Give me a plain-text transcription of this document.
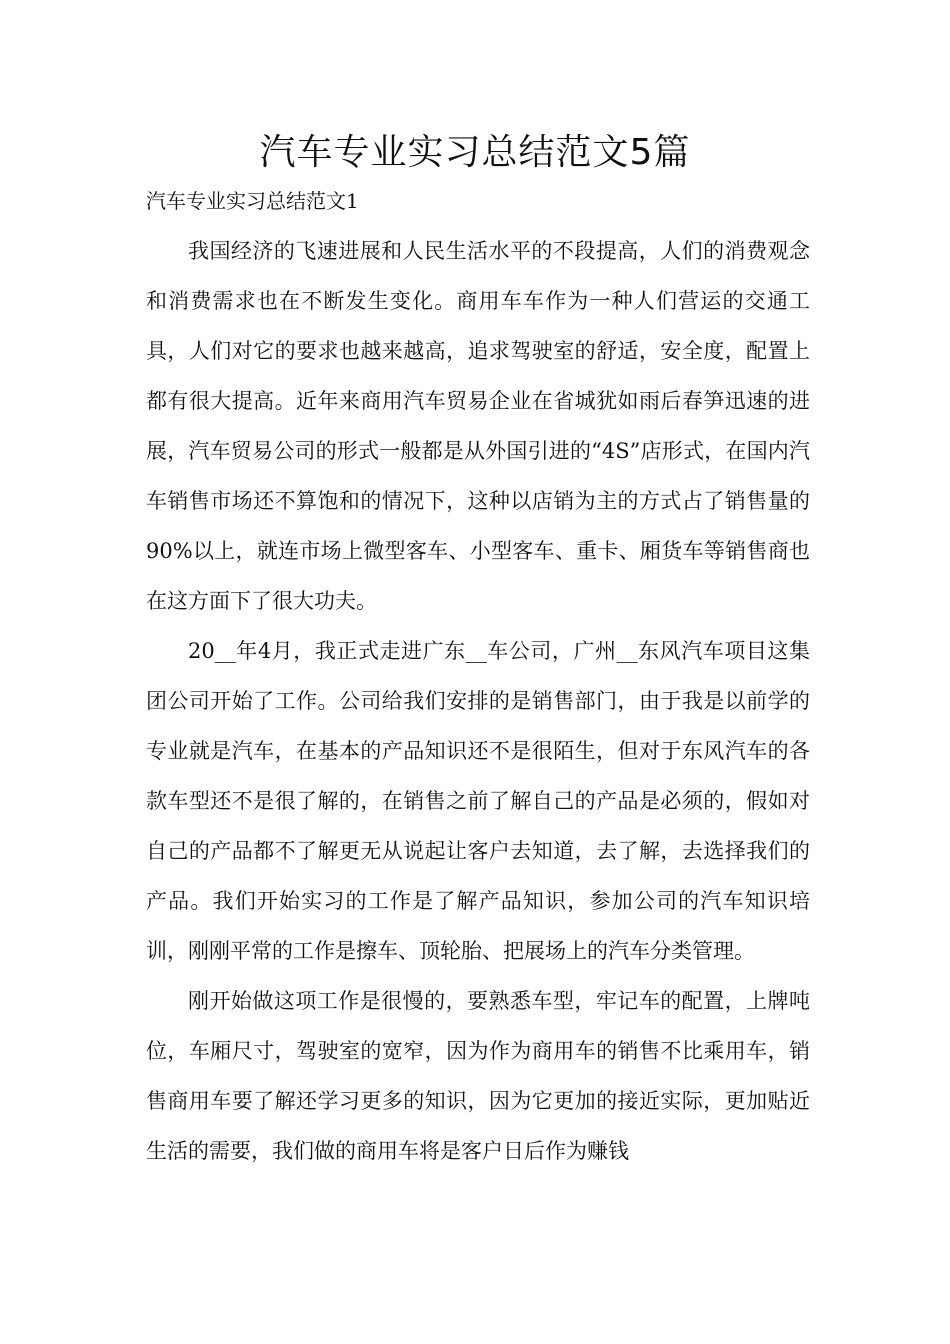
汽车专业实习总结范文5篇

汽车专业实习总结范文1

我国经济的飞速进展和人民生活水平的不段提高，人们的消费观念和消费需求也在不断发生变化。商用车车作为一种人们营运的交通工具，人们对它的要求也越来越高，追求驾驶室的舒适，安全度，配置上都有很大提高。近年来商用汽车贸易企业在省城犹如雨后春笋迅速的进展，汽车贸易公司的形式一般都是从外国引进的“4S”店形式，在国内汽车销售市场还不算饱和的情况下，这种以店销为主的方式占了销售量的90%以上，就连市场上微型客车、小型客车、重卡、厢货车等销售商也在这方面下了很大功夫。

20__年4月，我正式走进广东__车公司，广州__东风汽车项目这集团公司开始了工作。公司给我们安排的是销售部门，由于我是以前学的专业就是汽车，在基本的产品知识还不是很陌生，但对于东风汽车的各款车型还不是很了解的，在销售之前了解自己的产品是必须的，假如对自己的产品都不了解更无从说起让客户去知道，去了解，去选择我们的产品。我们开始实习的工作是了解产品知识，参加公司的汽车知识培训，刚刚平常的工作是擦车、顶轮胎、把展场上的汽车分类管理。

刚开始做这项工作是很慢的，要熟悉车型，牢记车的配置，上牌吨位，车厢尺寸，驾驶室的宽窄，因为作为商用车的销售不比乘用车，销售商用车要了解还学习更多的知识，因为它更加的接近实际，更加贴近生活的需要，我们做的商用车将是客户日后作为赚钱
